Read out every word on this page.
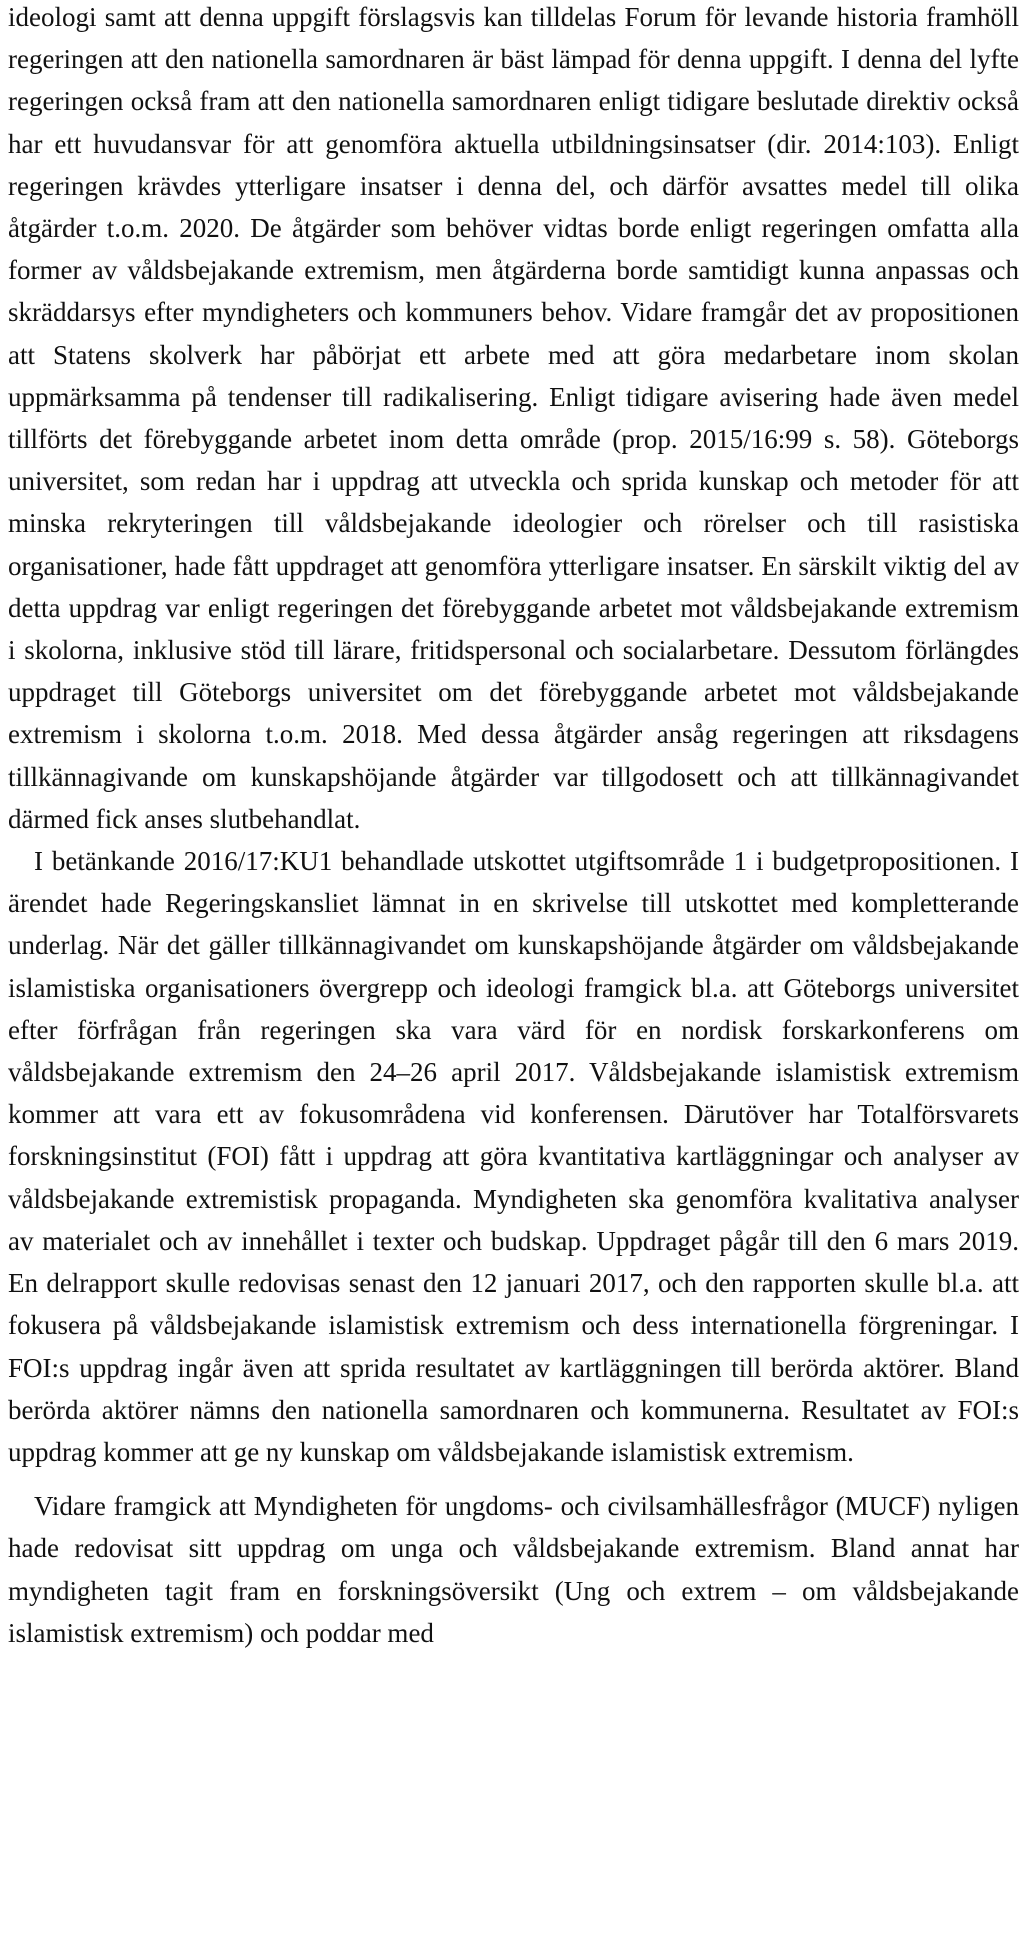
ideologi samt att denna uppgift förslagsvis kan tilldelas Forum för levande historia framhöll regeringen att den nationella samordnaren är bäst lämpad för denna uppgift. I denna del lyfte regeringen också fram att den nationella samordnaren enligt tidigare beslutade direktiv också har ett huvudansvar för att genomföra aktuella utbildningsinsatser (dir. 2014:103). Enligt regeringen krävdes ytterligare insatser i denna del, och därför avsattes medel till olika åtgärder t.o.m. 2020. De åtgärder som behöver vidtas borde enligt regeringen omfatta alla former av våldsbejakande extremism, men åtgärderna borde samtidigt kunna anpassas och skräddarsys efter myndigheters och kommuners behov. Vidare framgår det av propositionen att Statens skolverk har påbörjat ett arbete med att göra medarbetare inom skolan uppmärksamma på tendenser till radikalisering. Enligt tidigare avisering hade även medel tillförts det förebyggande arbetet inom detta område (prop. 2015/16:99 s. 58). Göteborgs universitet, som redan har i uppdrag att utveckla och sprida kunskap och metoder för att minska rekryteringen till våldsbejakande ideologier och rörelser och till rasistiska organisationer, hade fått uppdraget att genomföra ytterligare insatser. En särskilt viktig del av detta uppdrag var enligt regeringen det förebyggande arbetet mot våldsbejakande extremism i skolorna, inklusive stöd till lärare, fritidspersonal och socialarbetare. Dessutom förlängdes uppdraget till Göteborgs universitet om det förebyggande arbetet mot våldsbejakande extremism i skolorna t.o.m. 2018. Med dessa åtgärder ansåg regeringen att riksdagens tillkännagivande om kunskapshöjande åtgärder var tillgodosett och att tillkännagivandet därmed fick anses slutbehandlat.

I betänkande 2016/17:KU1 behandlade utskottet utgiftsområde 1 i budgetpropositionen. I ärendet hade Regeringskansliet lämnat in en skrivelse till utskottet med kompletterande underlag. När det gäller tillkännagivandet om kunskapshöjande åtgärder om våldsbejakande islamistiska organisationers övergrepp och ideologi framgick bl.a. att Göteborgs universitet efter förfrågan från regeringen ska vara värd för en nordisk forskarkonferens om våldsbejakande extremism den 24–26 april 2017. Våldsbejakande islamistisk extremism kommer att vara ett av fokusområdena vid konferensen. Därutöver har Totalförsvarets forskningsinstitut (FOI) fått i uppdrag att göra kvantitativa kartläggningar och analyser av våldsbejakande extremistisk propaganda. Myndigheten ska genomföra kvalitativa analyser av materialet och av innehållet i texter och budskap. Uppdraget pågår till den 6 mars 2019. En delrapport skulle redovisas senast den 12 januari 2017, och den rapporten skulle bl.a. att fokusera på våldsbejakande islamistisk extremism och dess internationella förgreningar. I FOI:s uppdrag ingår även att sprida resultatet av kartläggningen till berörda aktörer. Bland berörda aktörer nämns den nationella samordnaren och kommunerna. Resultatet av FOI:s uppdrag kommer att ge ny kunskap om våldsbejakande islamistisk extremism.

Vidare framgick att Myndigheten för ungdoms- och civilsamhällesfrågor (MUCF) nyligen hade redovisat sitt uppdrag om unga och våldsbejakande extremism. Bland annat har myndigheten tagit fram en forskningsöversikt (Ung och extrem – om våldsbejakande islamistisk extremism) och poddar med
